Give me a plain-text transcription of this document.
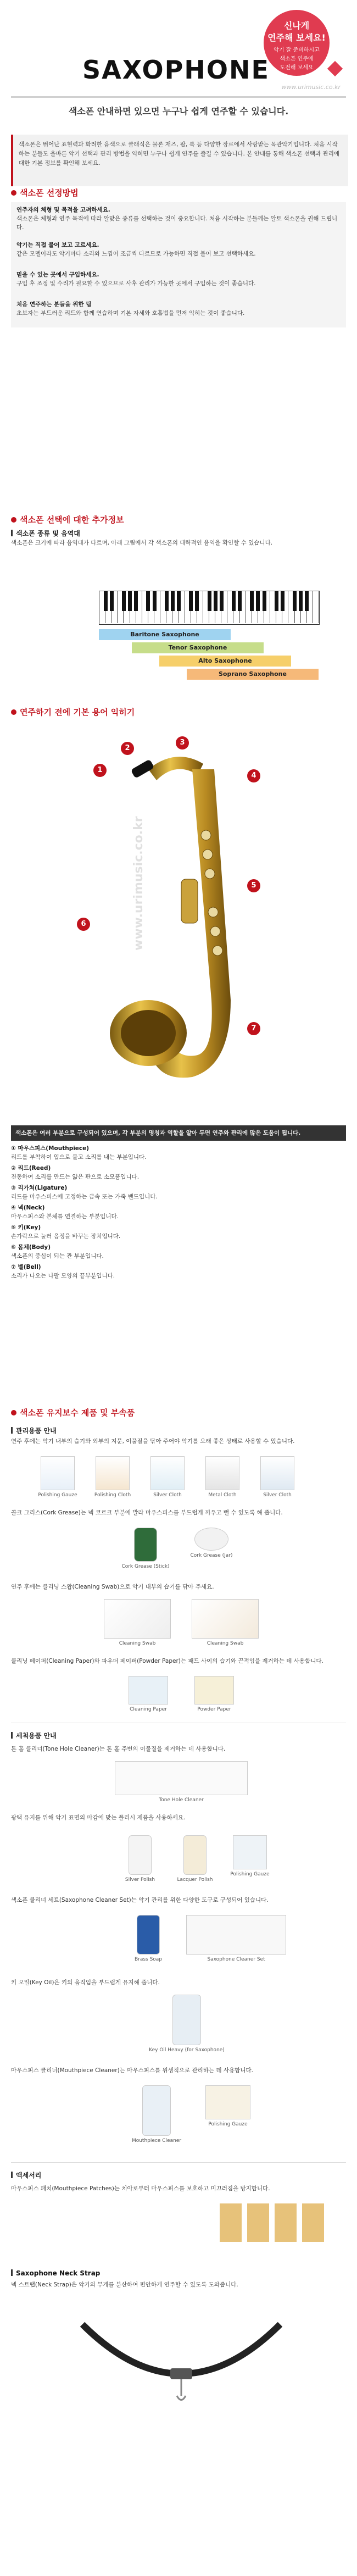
SAXOPHONE
www.urimusic.co.kr
색소폰 안내하면 있으면 누구나 쉽게 연주할 수 있습니다.
신나게
연주해 보세요!
악기 잘 준비하시고
색소폰 연주에
도전해 보세요
색소폰은 뛰어난 표현력과 화려한 음색으로 클래식은 물론 재즈, 팝, 록 등 다양한 장르에서 사랑받는 목관악기입니다. 처음 시작하는 분들도 올바른 악기 선택과 관리 방법을 익히면 누구나 쉽게 연주를 즐길 수 있습니다. 본 안내를 통해 색소폰 선택과 관리에 대한 기본 정보를 확인해 보세요.
색소폰 선정방법
연주자의 체형 및 목적을 고려하세요.
색소폰은 체형과 연주 목적에 따라 알맞은 종류를 선택하는 것이 중요합니다. 처음 시작하는 분들께는 알토 색소폰을 권해 드립니다.
악기는 직접 불어 보고 고르세요.
같은 모델이라도 악기마다 소리와 느낌이 조금씩 다르므로 가능하면 직접 불어 보고 선택하세요.
믿을 수 있는 곳에서 구입하세요.
구입 후 조정 및 수리가 필요할 수 있으므로 사후 관리가 가능한 곳에서 구입하는 것이 좋습니다.
처음 연주하는 분들을 위한 팁
초보자는 부드러운 리드와 함께 연습하며 기본 자세와 호흡법을 먼저 익히는 것이 좋습니다.
색소폰 선택에 대한 추가정보
색소폰 종류 및 음역대
색소폰은 크기에 따라 음역대가 다르며, 아래 그림에서 각 색소폰의 대략적인 음역을 확인할 수 있습니다.
Baritone Saxophone
Tenor Saxophone
Alto Saxophone
Soprano Saxophone
연주하기 전에 기본 용어 익히기
www.urimusic.co.kr
1
2
3
4
5
6
7
색소폰은 여러 부분으로 구성되어 있으며, 각 부분의 명칭과 역할을 알아 두면 연주와 관리에 많은 도움이 됩니다.
① 마우스피스(Mouthpiece)
리드를 부착하여 입으로 물고 소리를 내는 부분입니다.
② 리드(Reed)
진동하여 소리를 만드는 얇은 판으로 소모품입니다.
③ 리가쳐(Ligature)
리드를 마우스피스에 고정하는 금속 또는 가죽 밴드입니다.
④ 넥(Neck)
마우스피스와 본체를 연결하는 부분입니다.
⑤ 키(Key)
손가락으로 눌러 음정을 바꾸는 장치입니다.
⑥ 몸체(Body)
색소폰의 중심이 되는 관 부분입니다.
⑦ 벨(Bell)
소리가 나오는 나팔 모양의 끝부분입니다.
색소폰 유지보수 제품 및 부속품
관리용품 안내
연주 후에는 악기 내부의 습기와 외부의 지문, 이물질을 닦아 주어야 악기를 오래 좋은 상태로 사용할 수 있습니다.
Polishing Gauze	Polishing Cloth	Silver Cloth	Metal Cloth	Silver Cloth
콜크 그리스(Cork Grease)는 넥 코르크 부분에 발라 마우스피스를 부드럽게 끼우고 뺄 수 있도록 해 줍니다.
Cork Grease (Stick)
Cork Grease (Jar)
연주 후에는 클리닝 스왑(Cleaning Swab)으로 악기 내부의 습기를 닦아 주세요.
Cleaning Swab	Cleaning Swab
클리닝 페이퍼(Cleaning Paper)와 파우더 페이퍼(Powder Paper)는 패드 사이의 습기와 끈적임을 제거하는 데 사용합니다.
Cleaning Paper	Powder Paper
세척용품 안내
톤 홀 클리너(Tone Hole Cleaner)는 톤 홀 주변의 이물질을 제거하는 데 사용합니다.
Tone Hole Cleaner
광택 유지를 위해 악기 표면의 마감에 맞는 폴리시 제품을 사용하세요.
Silver Polish	Lacquer Polish
Polishing Gauze
색소폰 클리너 세트(Saxophone Cleaner Set)는 악기 관리를 위한 다양한 도구로 구성되어 있습니다.
Brass Soap	Saxophone Cleaner Set
키 오일(Key Oil)은 키의 움직임을 부드럽게 유지해 줍니다.
Key Oil Heavy (for Saxophone)
마우스피스 클리너(Mouthpiece Cleaner)는 마우스피스를 위생적으로 관리하는 데 사용합니다.
Mouthpiece Cleaner
Polishing Gauze
액세서리
마우스피스 패치(Mouthpiece Patches)는 치아로부터 마우스피스를 보호하고 미끄러짐을 방지합니다.
Saxophone Neck Strap
넥 스트랩(Neck Strap)은 악기의 무게를 분산하여 편안하게 연주할 수 있도록 도와줍니다.
